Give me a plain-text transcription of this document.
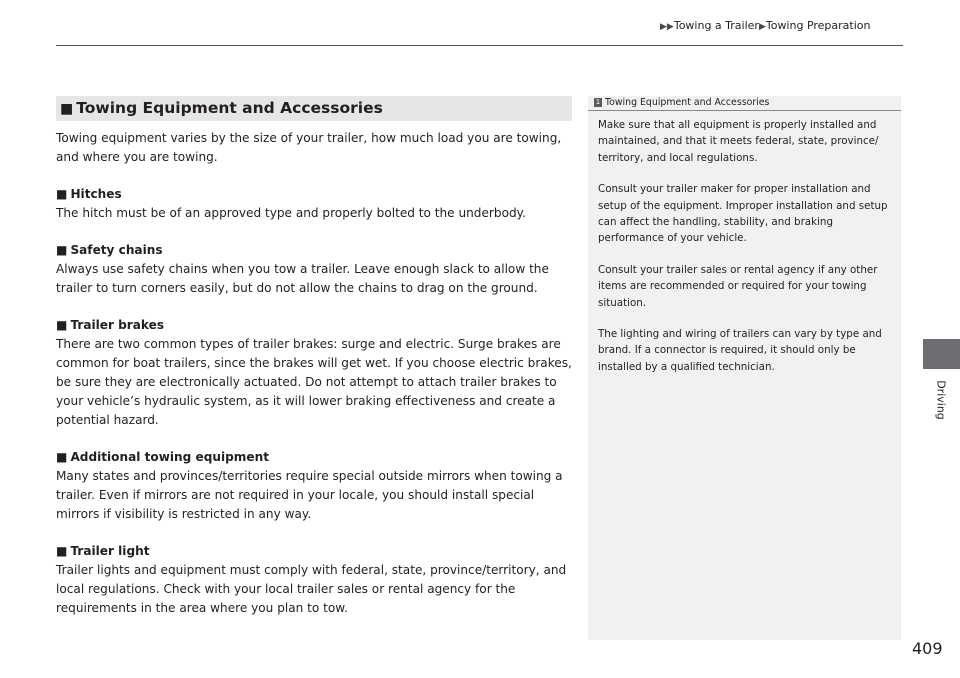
▶▶Towing a Trailer▶Towing Preparation
■ Towing Equipment and Accessories

Towing equipment varies by the size of your trailer, how much load you are towing, and where you are towing.

■ Hitches

The hitch must be of an approved type and properly bolted to the underbody.

■ Safety chains

Always use safety chains when you tow a trailer. Leave enough slack to allow the trailer to turn corners easily, but do not allow the chains to drag on the ground.

■ Trailer brakes

There are two common types of trailer brakes: surge and electric. Surge brakes are common for boat trailers, since the brakes will get wet. If you choose electric brakes, be sure they are electronically actuated. Do not attempt to attach trailer brakes to your vehicle’s hydraulic system, as it will lower braking effectiveness and create a potential hazard.

■ Additional towing equipment

Many states and provinces/territories require special outside mirrors when towing a trailer. Even if mirrors are not required in your locale, you should install special mirrors if visibility is restricted in any way.

■ Trailer light

Trailer lights and equipment must comply with federal, state, province/territory, and local regulations. Check with your local trailer sales or rental agency for the requirements in the area where you plan to tow.

1 Towing Equipment and Accessories

Make sure that all equipment is properly installed and maintained, and that it meets federal, state, province/ territory, and local regulations.

Consult your trailer maker for proper installation and setup of the equipment. Improper installation and setup can affect the handling, stability, and braking performance of your vehicle.

Consult your trailer sales or rental agency if any other items are recommended or required for your towing situation.

The lighting and wiring of trailers can vary by type and brand. If a connector is required, it should only be installed by a qualified technician.

Driving
409
